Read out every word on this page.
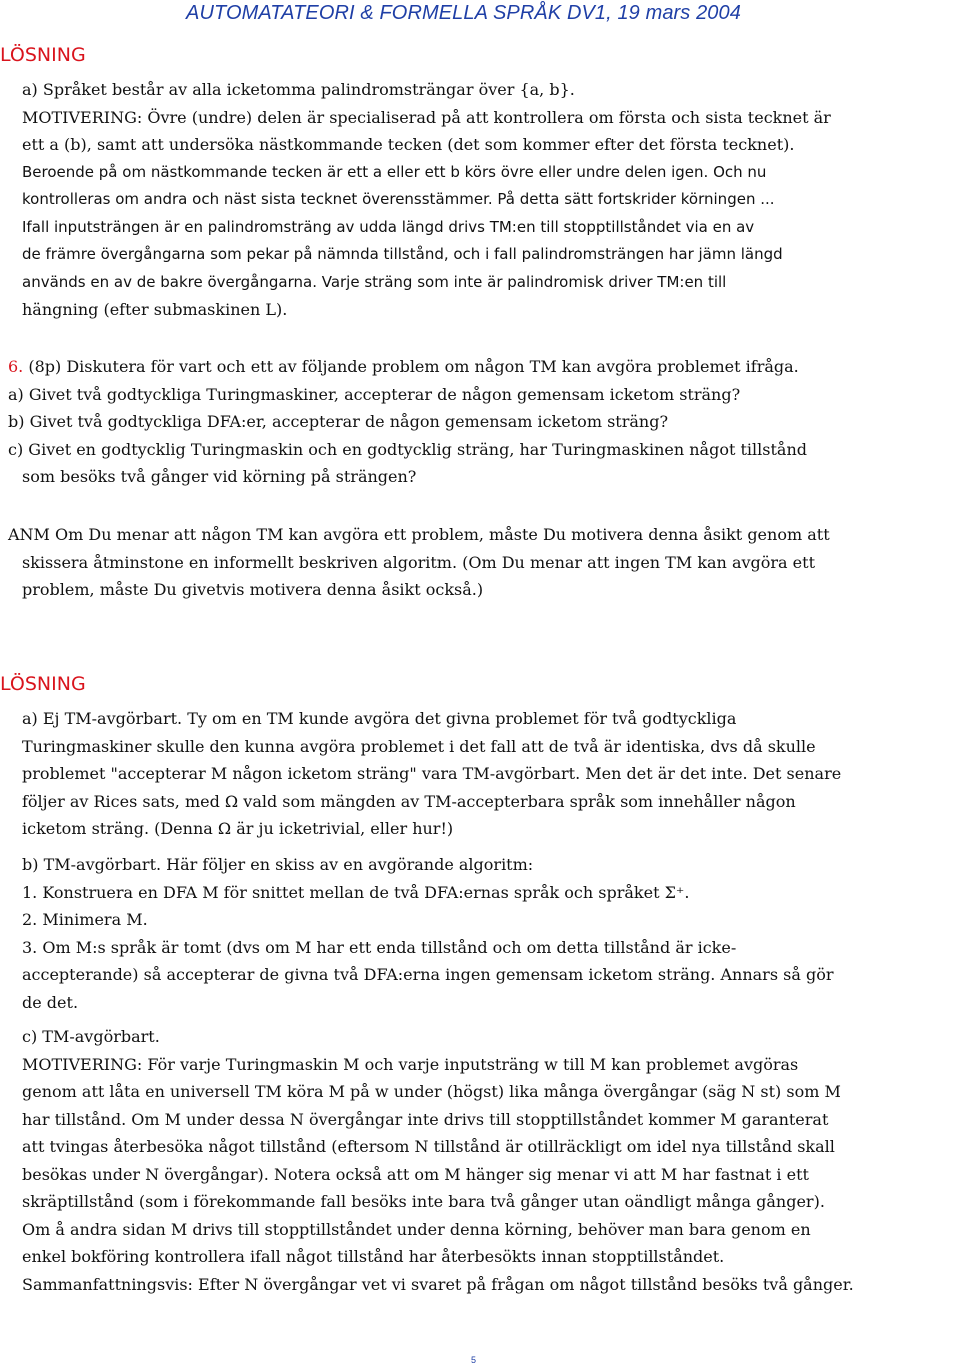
AUTOMATATEORI & FORMELLA SPRÅK DV1, 19 mars 2004
LÖSNING

a) Språket består av alla icketomma palindromsträngar över {a, b}.

MOTIVERING: Övre (undre) delen är specialiserad på att kontrollera om första och sista tecknet är

ett a (b), samt att undersöka nästkommande tecken (det som kommer efter det första tecknet).

Beroende på om nästkommande tecken är ett a eller ett b körs övre eller undre delen igen. Och nu

kontrolleras om andra och näst sista tecknet överensstämmer. På detta sätt fortskrider körningen ...

Ifall inputsträngen är en palindromsträng av udda längd drivs TM:en till stopptillståndet via en av

de främre övergångarna som pekar på nämnda tillstånd, och i fall palindromsträngen har jämn längd

används en av de bakre övergångarna. Varje sträng som inte är palindromisk driver TM:en till

hängning (efter submaskinen L).

6. (8p) Diskutera för vart och ett av följande problem om någon TM kan avgöra problemet ifråga.

a) Givet två godtyckliga Turingmaskiner, accepterar de någon gemensam icketom sträng?

b) Givet två godtyckliga DFA:er, accepterar de någon gemensam icketom sträng?

c) Givet en godtycklig Turingmaskin och en godtycklig sträng, har Turingmaskinen något tillstånd

som besöks två gånger vid körning på strängen?

ANM Om Du menar att någon TM kan avgöra ett problem, måste Du motivera denna åsikt genom att

skissera åtminstone en informellt beskriven algoritm. (Om Du menar att ingen TM kan avgöra ett

problem, måste Du givetvis motivera denna åsikt också.)

LÖSNING

a) Ej TM-avgörbart. Ty om en TM kunde avgöra det givna problemet för två godtyckliga

Turingmaskiner skulle den kunna avgöra problemet i det fall att de två är identiska, dvs då skulle

problemet "accepterar M någon icketom sträng" vara TM-avgörbart. Men det är det inte. Det senare

följer av Rices sats, med Ω vald som mängden av TM-accepterbara språk som innehåller någon

icketom sträng. (Denna Ω är ju icketrivial, eller hur!)

b) TM-avgörbart. Här följer en skiss av en avgörande algoritm:

1. Konstruera en DFA M för snittet mellan de två DFA:ernas språk och språket Σ⁺.

2. Minimera M.

3. Om M:s språk är tomt (dvs om M har ett enda tillstånd och om detta tillstånd är icke-

accepterande) så accepterar de givna två DFA:erna ingen gemensam icketom sträng. Annars så gör

de det.

c) TM-avgörbart.

MOTIVERING: För varje Turingmaskin M och varje inputsträng w till M kan problemet avgöras

genom att låta en universell TM köra M på w under (högst) lika många övergångar (säg N st) som M

har tillstånd. Om M under dessa N övergångar inte drivs till stopptillståndet kommer M garanterat

att tvingas återbesöka något tillstånd (eftersom N tillstånd är otillräckligt om idel nya tillstånd skall

besökas under N övergångar). Notera också att om M hänger sig menar vi att M har fastnat i ett

skräptillstånd (som i förekommande fall besöks inte bara två gånger utan oändligt många gånger).

Om å andra sidan M drivs till stopptillståndet under denna körning, behöver man bara genom en

enkel bokföring kontrollera ifall något tillstånd har återbesökts innan stopptillståndet.

Sammanfattningsvis: Efter N övergångar vet vi svaret på frågan om något tillstånd besöks två gånger.

5
